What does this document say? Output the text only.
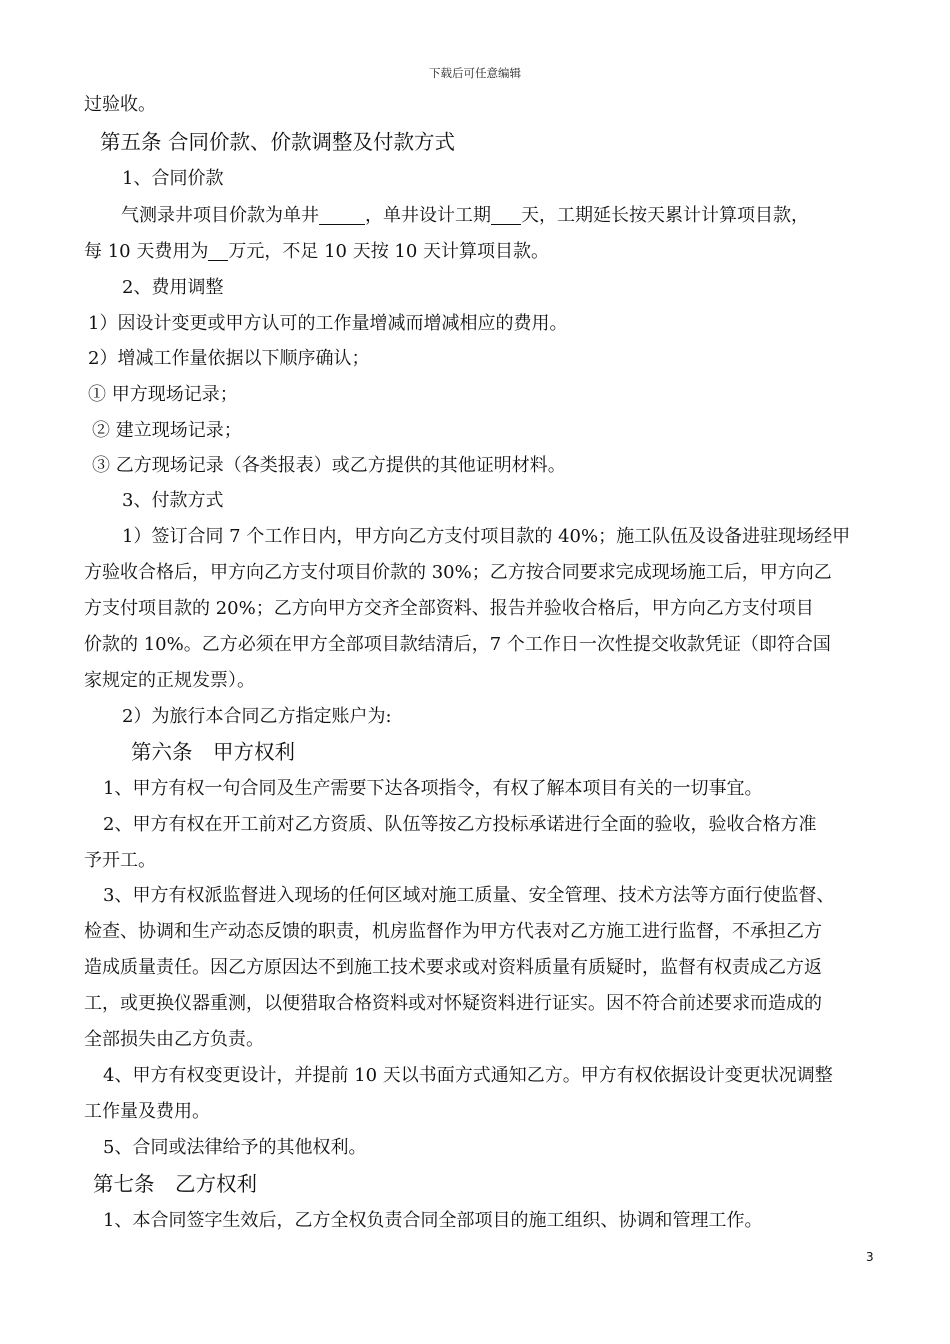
下载后可任意编辑
过验收。
第五条 合同价款、价款调整及付款方式
1、合同价款
气测录井项目价款为单井	，单井设计工期 天，工期延长按天累计计算项目款，
每 10 天费用为 万元，不足 10 天按 10 天计算项目款。
2、费用调整
1）因设计变更或甲方认可的工作量增减而增减相应的费用。
2）增减工作量依据以下顺序确认；
① 甲方现场记录；
② 建立现场记录；
③ 乙方现场记录（各类报表）或乙方提供的其他证明材料。
3、付款方式
1）签订合同 7 个工作日内，甲方向乙方支付项目款的 40%；施工队伍及设备进驻现场经甲
方验收合格后，甲方向乙方支付项目价款的 30%；乙方按合同要求完成现场施工后，甲方向乙
方支付项目款的 20%；乙方向甲方交齐全部资料、报告并验收合格后，甲方向乙方支付项目
价款的 10%。乙方必须在甲方全部项目款结清后，7 个工作日一次性提交收款凭证（即符合国
家规定的正规发票）。
2）为旅行本合同乙方指定账户为:
第六条　甲方权利
1、甲方有权一句合同及生产需要下达各项指令，有权了解本项目有关的一切事宜。
2、甲方有权在开工前对乙方资质、队伍等按乙方投标承诺进行全面的验收，验收合格方准
予开工。
3、甲方有权派监督进入现场的任何区域对施工质量、安全管理、技术方法等方面行使监督、
检查、协调和生产动态反馈的职责，机房监督作为甲方代表对乙方施工进行监督，不承担乙方
造成质量责任。因乙方原因达不到施工技术要求或对资料质量有质疑时，监督有权责成乙方返
工，或更换仪器重测，以便猎取合格资料或对怀疑资料进行证实。因不符合前述要求而造成的
全部损失由乙方负责。
4、甲方有权变更设计，并提前 10 天以书面方式通知乙方。甲方有权依据设计变更状况调整
工作量及费用。
5、合同或法律给予的其他权利。
第七条　乙方权利
1、本合同签字生效后，乙方全权负责合同全部项目的施工组织、协调和管理工作。
3
